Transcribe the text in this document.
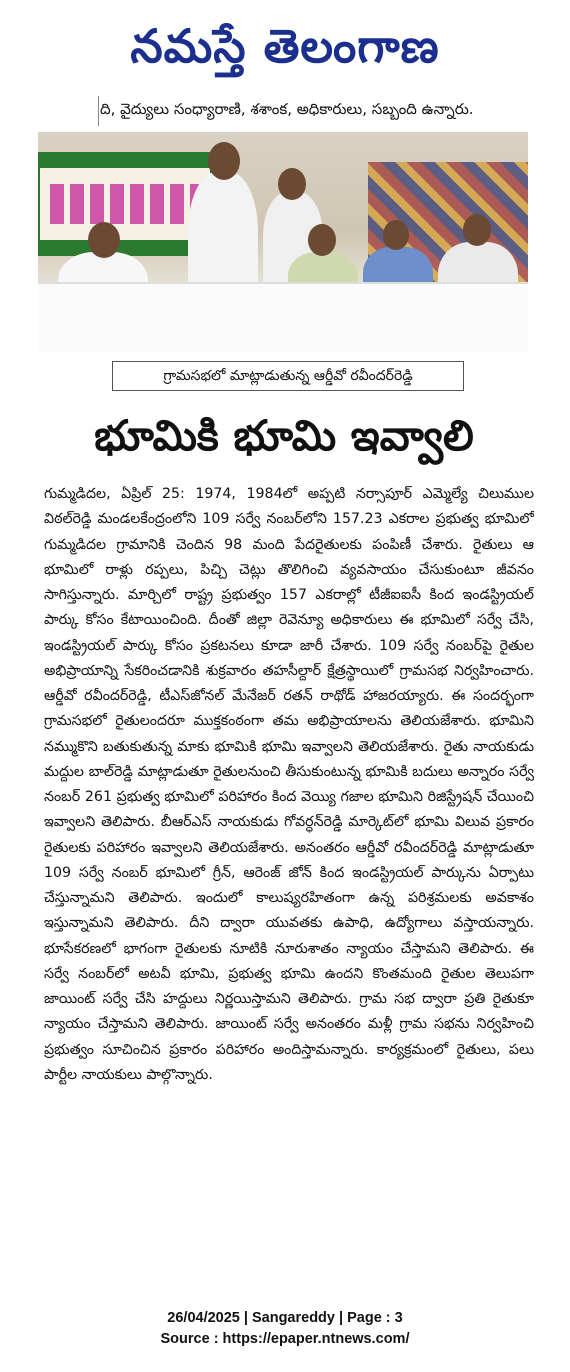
నమస్తే తెలంగాణ
ది, వైద్యులు సంధ్యారాణి, శశాంక, అధికారులు, సబ్బంది ఉన్నారు.
గ్రామసభలో మాట్లాడుతున్న ఆర్డీవో రవీందర్‌రెడ్డి
భూమికి భూమి ఇవ్వాలి
గుమ్మడిదల, ఏప్రిల్ 25: 1974, 1984లో అప్పటి నర్సాపూర్ ఎమ్మెల్యే చిలుముల విఠల్‌రెడ్డి మండలకేంద్రంలోని 109 సర్వే నంబర్‌లోని 157.23 ఎకరాల ప్రభుత్వ భూమిలో గుమ్మడిదల గ్రామానికి చెందిన 98 మంది పేదరైతులకు పంపిణీ చేశారు. రైతులు ఆ భూమిలో రాళ్లు రప్పలు, పిచ్చి చెట్లు తొలిగించి వ్యవసాయం చేసుకుంటూ జీవనం సాగిస్తున్నారు. మార్చిలో రాష్ట్ర ప్రభుత్వం 157 ఎకరాల్లో టీజీఐఐసీ కింద ఇండస్ట్రియల్ పార్కు కోసం కేటాయించింది. దీంతో జిల్లా రెవెన్యూ అధికారులు ఈ భూమిలో సర్వే చేసి, ఇండస్ట్రియల్ పార్కు కోసం ప్రకటనలు కూడా జారీ చేశారు. 109 సర్వే నంబర్‌పై రైతుల అభిప్రాయాన్ని సేకరించడానికి శుక్రవారం తహసీల్దార్ క్షేత్రస్థాయిలో గ్రామసభ నిర్వహించారు. ఆర్డీవో రవీందర్‌రెడ్డి, టీఎస్‌జోనల్ మేనేజర్ రతన్ రాథోడ్ హాజరయ్యారు. ఈ సందర్భంగా గ్రామసభలో రైతులందరూ ముక్తకంఠంగా తమ అభిప్రాయాలను తెలియజేశారు. భూమిని నమ్ముకొని బతుకుతున్న మాకు భూమికి భూమి ఇవ్వాలని తెలియజేశారు. రైతు నాయకుడు మద్దుల బాల్‌రెడ్డి మాట్లాడుతూ రైతులనుంచి తీసుకుంటున్న భూమికి బదులు అన్నారం సర్వే నంబర్ 261 ప్రభుత్వ భూమిలో పరిహారం కింద వెయ్యి గజాల భూమిని రిజిస్ట్రేషన్ చేయించి ఇవ్వాలని తెలిపారు. బీఆర్ఎస్ నాయకుడు గోవర్ధన్‌రెడ్డి మార్కెట్‌లో భూమి విలువ ప్రకారం రైతులకు పరిహారం ఇవ్వాలని తెలియజేశారు. అనంతరం ఆర్డీవో రవీందర్‌రెడ్డి మాట్లాడుతూ 109 సర్వే నంబర్ భూమిలో గ్రీన్, ఆరెంజ్ జోన్ కింద ఇండస్ట్రియల్ పార్కును ఏర్పాటు చేస్తున్నామని తెలిపారు. ఇందులో కాలుష్యరహితంగా ఉన్న పరిశ్రమలకు అవకాశం ఇస్తున్నామని తెలిపారు. దీని ద్వారా యువతకు ఉపాధి, ఉద్యోగాలు వస్తాయన్నారు. భూసేకరణలో భాగంగా రైతులకు నూటికి నూరుశాతం న్యాయం చేస్తామని తెలిపారు. ఈ సర్వే నంబర్‌లో అటవీ భూమి, ప్రభుత్వ భూమి ఉందని కొంతమంది రైతుల తెలుపగా జాయింట్ సర్వే చేసి హద్దులు నిర్ణయిస్తామని తెలిపారు. గ్రామ సభ ద్వారా ప్రతి రైతుకూ న్యాయం చేస్తామని తెలిపారు. జాయింట్ సర్వే అనంతరం మళ్లీ గ్రామ సభను నిర్వహించి ప్రభుత్వం సూచించిన ప్రకారం పరిహారం అందిస్తామన్నారు. కార్యక్రమంలో రైతులు, పలు పార్టీల నాయకులు పాల్గొన్నారు.
26/04/2025 | Sangareddy | Page : 3
Source : https://epaper.ntnews.com/
